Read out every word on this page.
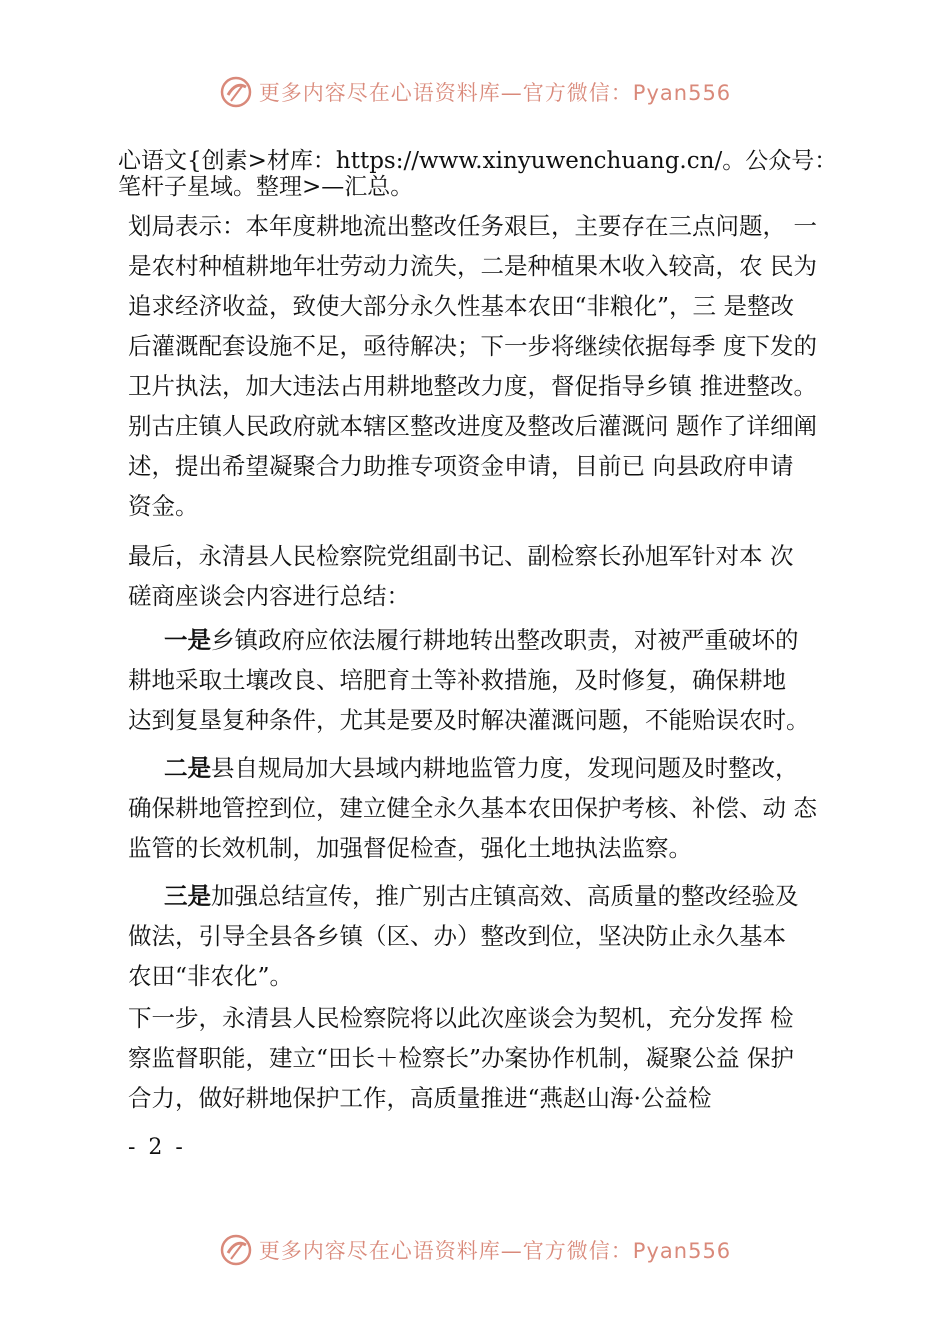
更多内容尽在心语资料库—官方微信：Pyan556

心语文{创素>材库：https://www.xinyuwenchuang.cn/。公众号：

笔杆子星域。整理>—汇总。

划局表示：本年度耕地流出整改任务艰巨，主要存在三点问题， 一
是农村种植耕地年壮劳动力流失，二是种植果木收入较高，农 民为
追求经济收益，致使大部分永久性基本农田“非粮化”，三 是整改
后灌溉配套设施不足，亟待解决；下一步将继续依据每季 度下发的
卫片执法，加大违法占用耕地整改力度，督促指导乡镇 推进整改。
别古庄镇人民政府就本辖区整改进度及整改后灌溉问 题作了详细阐
述，提出希望凝聚合力助推专项资金申请，目前已 向县政府申请
资金。

最后，永清县人民检察院党组副书记、副检察长孙旭军针对本 次
磋商座谈会内容进行总结：

一是乡镇政府应依法履行耕地转出整改职责，对被严重破坏的
耕地采取土壤改良、培肥育土等补救措施，及时修复，确保耕地
达到复垦复种条件，尤其是要及时解决灌溉问题，不能贻误农时。

二是县自规局加大县域内耕地监管力度，发现问题及时整改，
确保耕地管控到位，建立健全永久基本农田保护考核、补偿、动 态
监管的长效机制，加强督促检查，强化土地执法监察。

三是加强总结宣传，推广别古庄镇高效、高质量的整改经验及
做法，引导全县各乡镇（区、办）整改到位，坚决防止永久基本
农田“非农化”。

下一步，永清县人民检察院将以此次座谈会为契机，充分发挥 检
察监督职能，建立“田长＋检察长”办案协作机制，凝聚公益 保护
合力，做好耕地保护工作，高质量推进“燕赵山海·公益检

- 2 -
更多内容尽在心语资料库—官方微信：Pyan556
